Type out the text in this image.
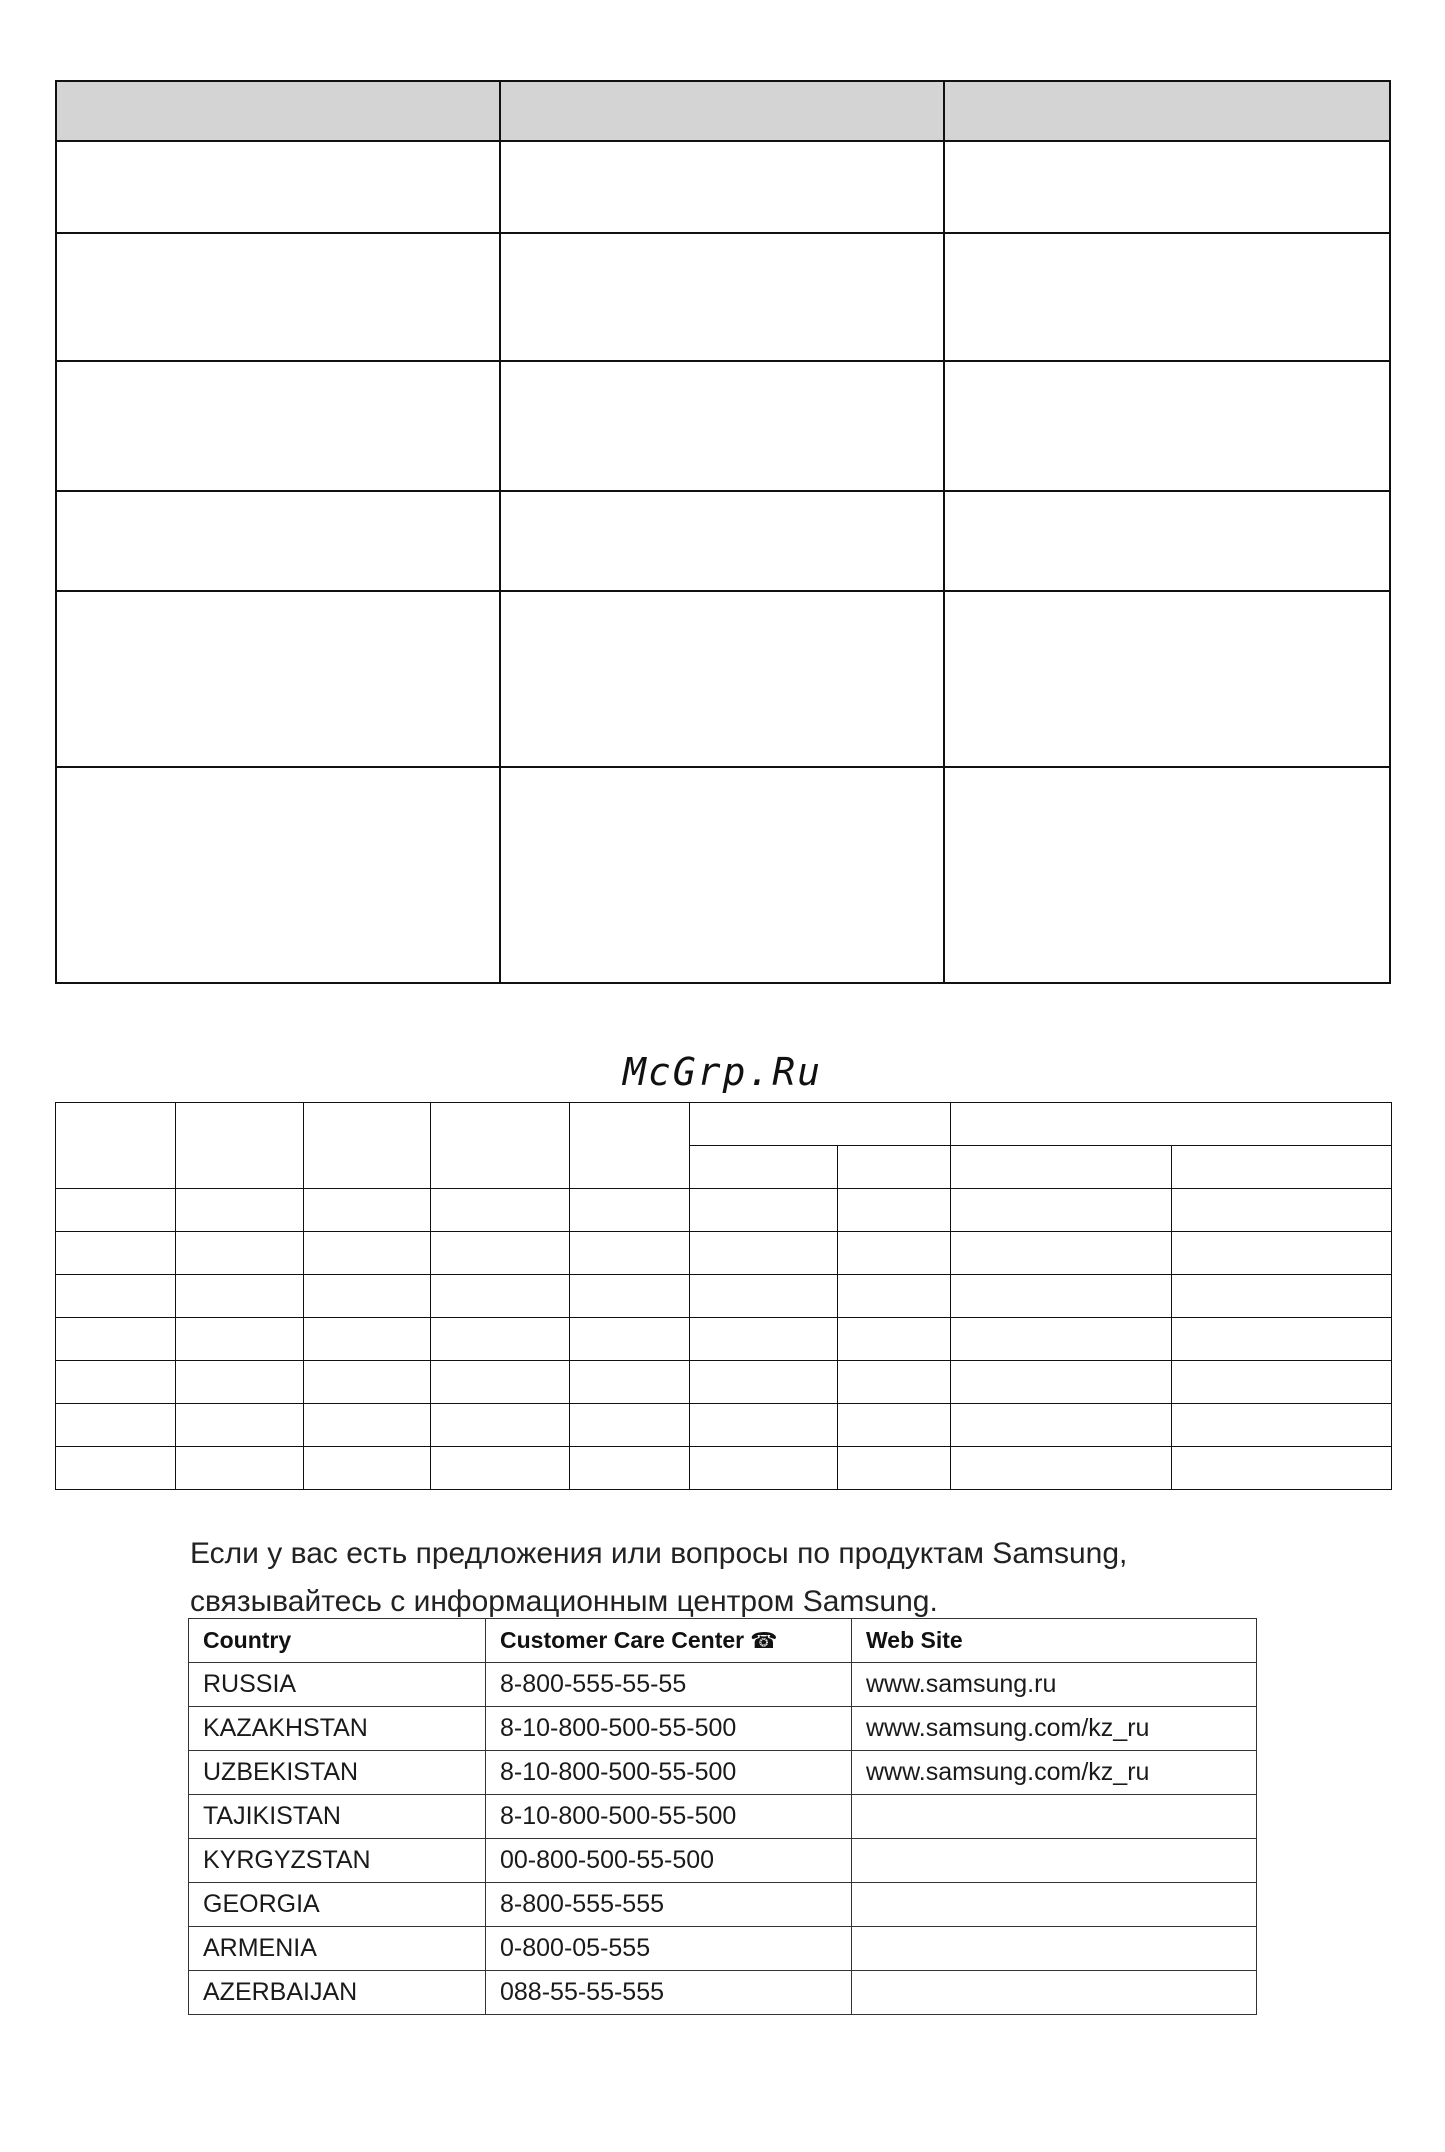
McGrp.Ru

Если у вас есть предложения или вопросы по продуктам Samsung,
связывайтесь с информационным центром Samsung.
Country	Customer Care Center ☎	Web Site
RUSSIA	8-800-555-55-55	www.samsung.ru
KAZAKHSTAN	8-10-800-500-55-500	www.samsung.com/kz_ru
UZBEKISTAN	8-10-800-500-55-500	www.samsung.com/kz_ru
TAJIKISTAN	8-10-800-500-55-500	
KYRGYZSTAN	00-800-500-55-500	
GEORGIA	8-800-555-555	
ARMENIA	0-800-05-555	
AZERBAIJAN	088-55-55-555	
